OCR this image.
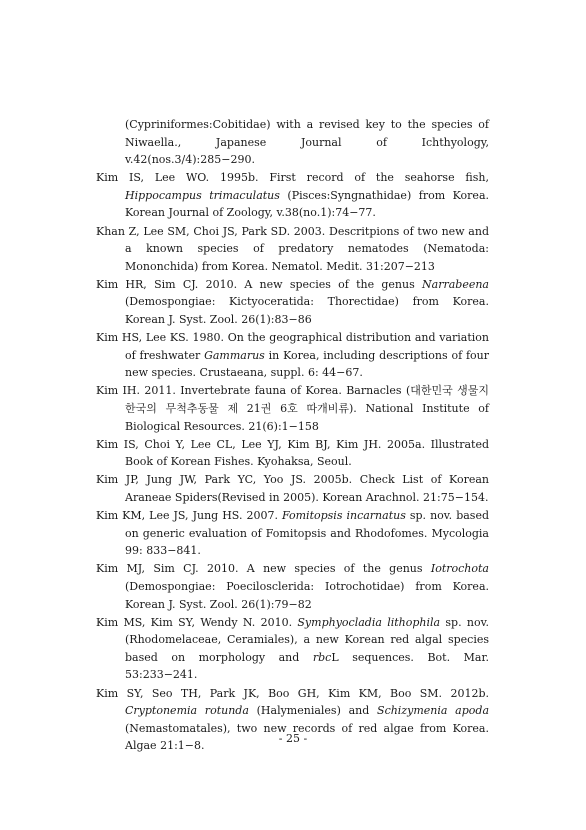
(Cypriniformes:Cobitidae) with a revised key to the species of Niwaella., Japanese Journal of Ichthyology, v.42(nos.3/4):285−290.

Kim IS, Lee WO. 1995b. First record of the seahorse fish, Hippocampus trimaculatus (Pisces:Syngnathidae) from Korea. Korean Journal of Zoology, v.38(no.1):74−77.

Khan Z, Lee SM, Choi JS, Park SD. 2003. Descritpions of two new and a known species of predatory nematodes (Nematoda: Mononchida) from Korea. Nematol. Medit. 31:207−213

Kim HR, Sim CJ. 2010. A new species of the genus Narrabeena (Demospongiae: Kictyoceratida: Thorectidae) from Korea. Korean J. Syst. Zool. 26(1):83−86

Kim HS, Lee KS. 1980. On the geographical distribution and variation of freshwater Gammarus in Korea, including descriptions of four new species. Crustaeana, suppl. 6: 44−67.

Kim IH. 2011. Invertebrate fauna of Korea. Barnacles (대한민국 생물지 한국의 무척추동물 제 21권 6호 따개비류). National Institute of Biological Resources. 21(6):1−158

Kim IS, Choi Y, Lee CL, Lee YJ, Kim BJ, Kim JH. 2005a. Illustrated Book of Korean Fishes. Kyohaksa, Seoul.

Kim JP, Jung JW, Park YC, Yoo JS. 2005b. Check List of Korean Araneae Spiders(Revised in 2005). Korean Arachnol. 21:75−154.

Kim KM, Lee JS, Jung HS. 2007. Fomitopsis incarnatus sp. nov. based on generic evaluation of Fomitopsis and Rhodofomes. Mycologia 99: 833−841.

Kim MJ, Sim CJ. 2010. A new species of the genus Iotrochota (Demospongiae: Poecilosclerida: Iotrochotidae) from Korea. Korean J. Syst. Zool. 26(1):79−82

Kim MS, Kim SY, Wendy N. 2010. Symphyocladia lithophila sp. nov. (Rhodomelaceae, Ceramiales), a new Korean red algal species based on morphology and rbcL sequences. Bot. Mar. 53:233−241.

Kim SY, Seo TH, Park JK, Boo GH, Kim KM, Boo SM. 2012b. Cryptonemia rotunda (Halymeniales) and Schizymenia apoda (Nemastomatales), two new records of red algae from Korea. Algae 21:1−8.

- 25 -
